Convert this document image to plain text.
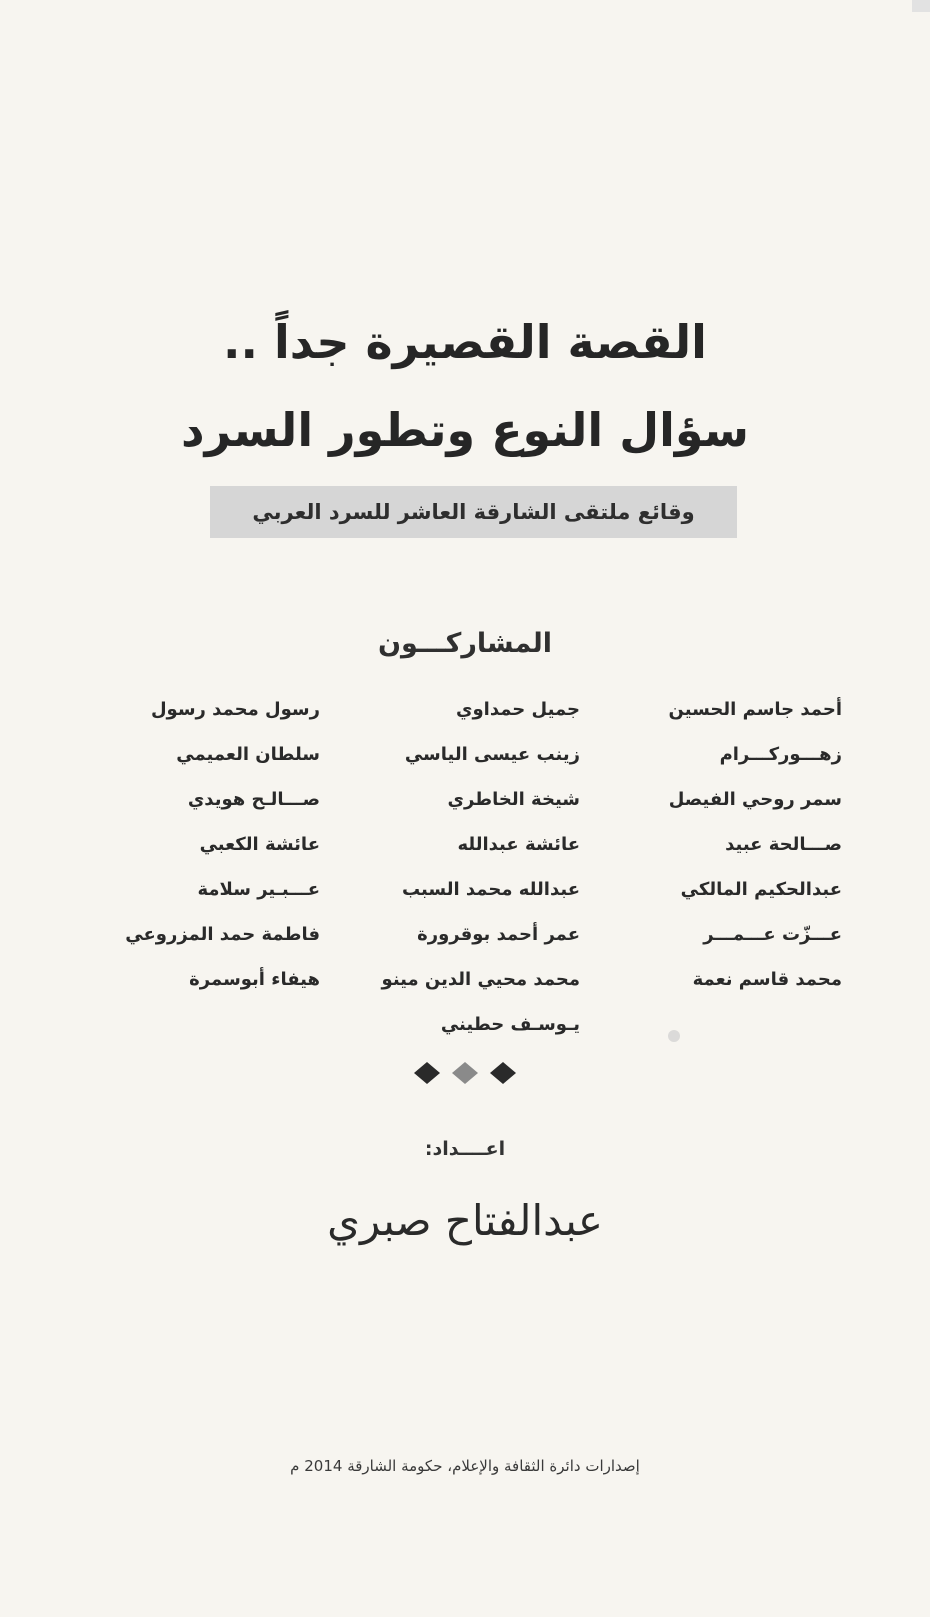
القصة القصيرة جداً ..
سؤال النوع وتطور السرد
وقائع ملتقى الشارقة العاشر للسرد العربي
المشاركـــون
أحمد جاسم الحسين
زهـــوركـــرام
سمر روحي الفيصل
صـــالحة عبيد
عبدالحكيم المالكي
عـــزّت عـــمـــر
محمد قاسم نعمة
جميل حمداوي
زينب عيسى الياسي
شيخة الخاطري
عائشة عبدالله
عبدالله محمد السبب
عمر أحمد بوقرورة
محمد محيي الدين مينو
يـوسـف حطيني
رسول محمد رسول
سلطان العميمي
صـــالـح هويدي
عائشة الكعبي
عـــبـير سلامة
فاطمة حمد المزروعي
هيفاء أبوسمرة
اعــــداد:
عبدالفتاح صبري
إصدارات دائرة الثقافة والإعلام، حكومة الشارقة 2014 م
